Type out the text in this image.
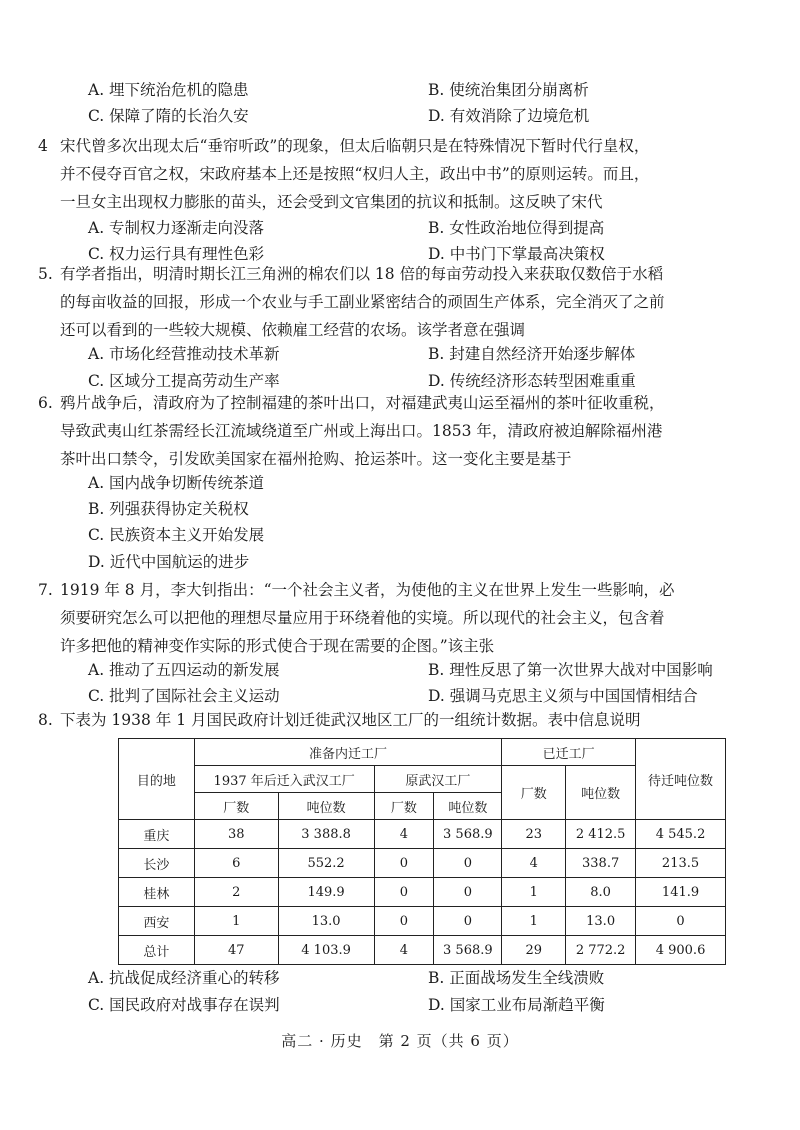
A. 埋下统治危机的隐患	B. 使统治集团分崩离析
C. 保障了隋的长治久安	D. 有效消除了边境危机
4 宋代曾多次出现太后“垂帘听政”的现象，但太后临朝只是在特殊情况下暂时代行皇权，
并不侵夺百官之权，宋政府基本上还是按照“权归人主，政出中书”的原则运转。而且，
一旦女主出现权力膨胀的苗头，还会受到文官集团的抗议和抵制。这反映了宋代
A. 专制权力逐渐走向没落	B. 女性政治地位得到提高
C. 权力运行具有理性色彩	D. 中书门下掌最高决策权
5. 有学者指出，明清时期长江三角洲的棉农们以 18 倍的每亩劳动投入来获取仅数倍于水稻
的每亩收益的回报，形成一个农业与手工副业紧密结合的顽固生产体系，完全消灭了之前
还可以看到的一些较大规模、依赖雇工经营的农场。该学者意在强调
A. 市场化经营推动技术革新	B. 封建自然经济开始逐步解体
C. 区域分工提高劳动生产率	D. 传统经济形态转型困难重重
6. 鸦片战争后，清政府为了控制福建的茶叶出口，对福建武夷山运至福州的茶叶征收重税，
导致武夷山红茶需经长江流域绕道至广州或上海出口。1853 年，清政府被迫解除福州港
茶叶出口禁令，引发欧美国家在福州抢购、抢运茶叶。这一变化主要是基于
A. 国内战争切断传统茶道
B. 列强获得协定关税权
C. 民族资本主义开始发展
D. 近代中国航运的进步
7. 1919 年 8 月，李大钊指出：“一个社会主义者，为使他的主义在世界上发生一些影响，必
须要研究怎么可以把他的理想尽量应用于环绕着他的实境。所以现代的社会主义，包含着
许多把他的精神变作实际的形式使合于现在需要的企图。”该主张
A. 推动了五四运动的新发展	B. 理性反思了第一次世界大战对中国影响
C. 批判了国际社会主义运动	D. 强调马克思主义须与中国国情相结合
8. 下表为 1938 年 1 月国民政府计划迁徙武汉地区工厂的一组统计数据。表中信息说明
目的地	准备内迁工厂				已迁工厂		待迁吨位数
	1937 年后迁入武汉工厂		原武汉工厂		厂数	吨位数	
	厂数	吨位数	厂数	吨位数			
重庆	38	3 388.8	4	3 568.9	23	2 412.5	4 545.2
长沙	6	552.2	0	0	4	338.7	213.5
桂林	2	149.9	0	0	1	8.0	141.9
西安	1	13.0	0	0	1	13.0	0
总计	47	4 103.9	4	3 568.9	29	2 772.2	4 900.6
A. 抗战促成经济重心的转移	B. 正面战场发生全线溃败
C. 国民政府对战事存在误判	D. 国家工业布局渐趋平衡
高二 · 历史　第 2 页（共 6 页）
